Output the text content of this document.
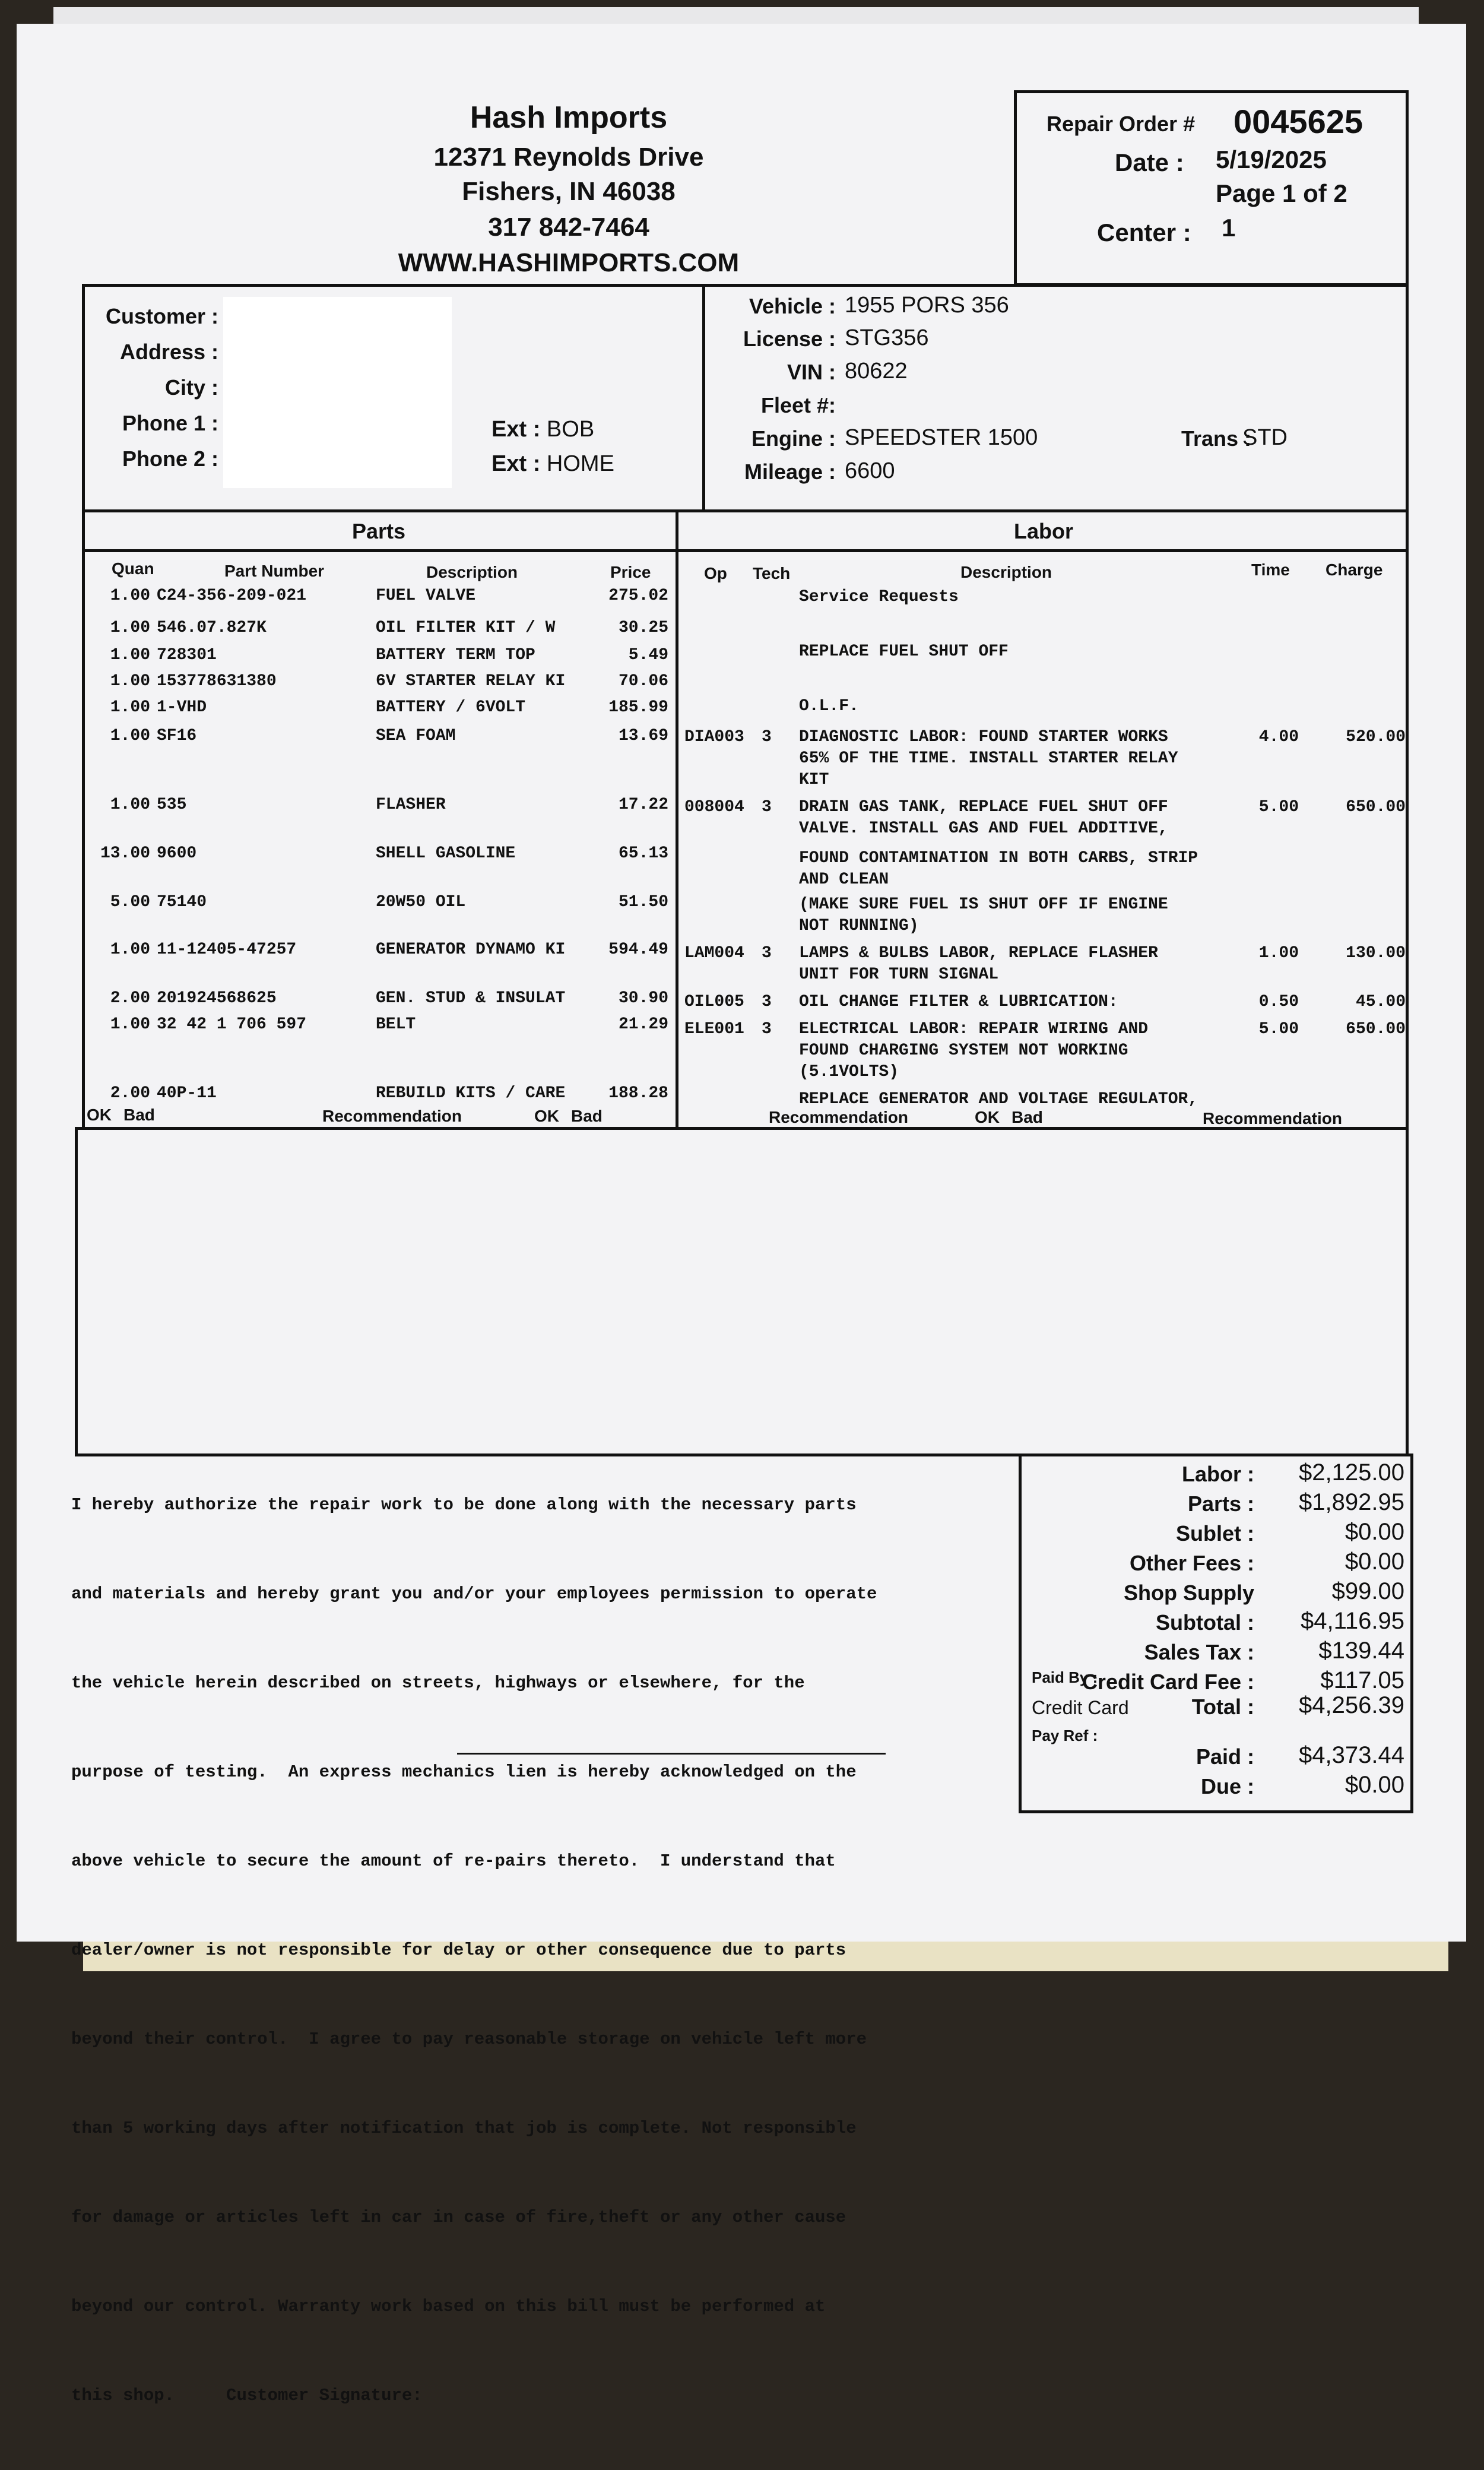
Hash Imports
12371 Reynolds Drive
Fishers, IN 46038
317 842-7464
WWW.HASHIMPORTS.COM
Repair Order # 0045625
Date : 5/19/2025
Page 1 of 2
Center : 1
Customer :
Address :
City :
Phone 1 :
Phone 2 :
Ext : BOB
Ext : HOME
Vehicle : 1955 PORS 356
License : STG356
VIN : 80622
Fleet #:
Engine : SPEEDSTER 1500	Trans :
STD
Mileage : 6600
Parts	Labor
Quan	Part Number	Description	Price
1.00 C24-356-209-021	FUEL VALVE	275.02
1.00 546.07.827K	OIL FILTER KIT / W	30.25
1.00 728301	BATTERY TERM TOP	5.49
1.00 153778631380	6V STARTER RELAY KI	70.06
1.00 1-VHD	BATTERY / 6VOLT	185.99
1.00 SF16	SEA FOAM	13.69
1.00 535	FLASHER	17.22
13.00 9600	SHELL GASOLINE	65.13
5.00 75140	20W50 OIL	51.50
1.00 11-12405-47257	GENERATOR DYNAMO KI	594.49
2.00 201924568625	GEN. STUD & INSULAT	30.90
1.00 32 42 1 706 597	BELT	21.29
2.00 40P-11	REBUILD KITS / CARE	188.28
Op Tech	Description	Time Charge
Service Requests
REPLACE FUEL SHUT OFF
O.L.F.
DIA003 3 DIAGNOSTIC LABOR: FOUND STARTER WORKS	4.00	520.00
65% OF THE TIME. INSTALL STARTER RELAY
KIT
008004 3 DRAIN GAS TANK, REPLACE FUEL SHUT OFF	5.00	650.00
VALVE. INSTALL GAS AND FUEL ADDITIVE,
FOUND CONTAMINATION IN BOTH CARBS, STRIP
AND CLEAN
(MAKE SURE FUEL IS SHUT OFF IF ENGINE
NOT RUNNING)
LAM004 3 LAMPS & BULBS LABOR, REPLACE FLASHER	1.00	130.00
UNIT FOR TURN SIGNAL
OIL005 3 OIL CHANGE FILTER & LUBRICATION:	0.50	45.00
ELE001 3 ELECTRICAL LABOR: REPAIR WIRING AND	5.00	650.00
FOUND CHARGING SYSTEM NOT WORKING
(5.1VOLTS)
REPLACE GENERATOR AND VOLTAGE REGULATOR,
OK Bad	Recommendation	OK Bad	Recommendation	OK Bad	Recommendation

I hereby authorize the repair work to be done along with the necessary parts

and materials and hereby grant you and/or your employees permission to operate

the vehicle herein described on streets, highways or elsewhere, for the

purpose of testing.  An express mechanics lien is hereby acknowledged on the

above vehicle to secure the amount of re-pairs thereto.  I understand that

dealer/owner is not responsible for delay or other consequence due to parts

beyond their control.  I agree to pay reasonable storage on vehicle left more

than 5 working days after notification that job is complete. Not responsible

for damage or articles left in car in case of fire,theft or any other cause

beyond our control. Warranty work based on this bill must be performed at

this shop.	Customer Signature:

Labor :	$2,125.00
Parts :	$1,892.95
Sublet :	$0.00
Other Fees :	$0.00
Shop Supply	$99.00
Subtotal :	$4,116.95
Sales Tax :	$139.44
Credit Card Fee :	$117.05
Total :	$4,256.39
Paid :	$4,373.44
Due :	$0.00
Paid By :
Credit Card
Pay Ref :
